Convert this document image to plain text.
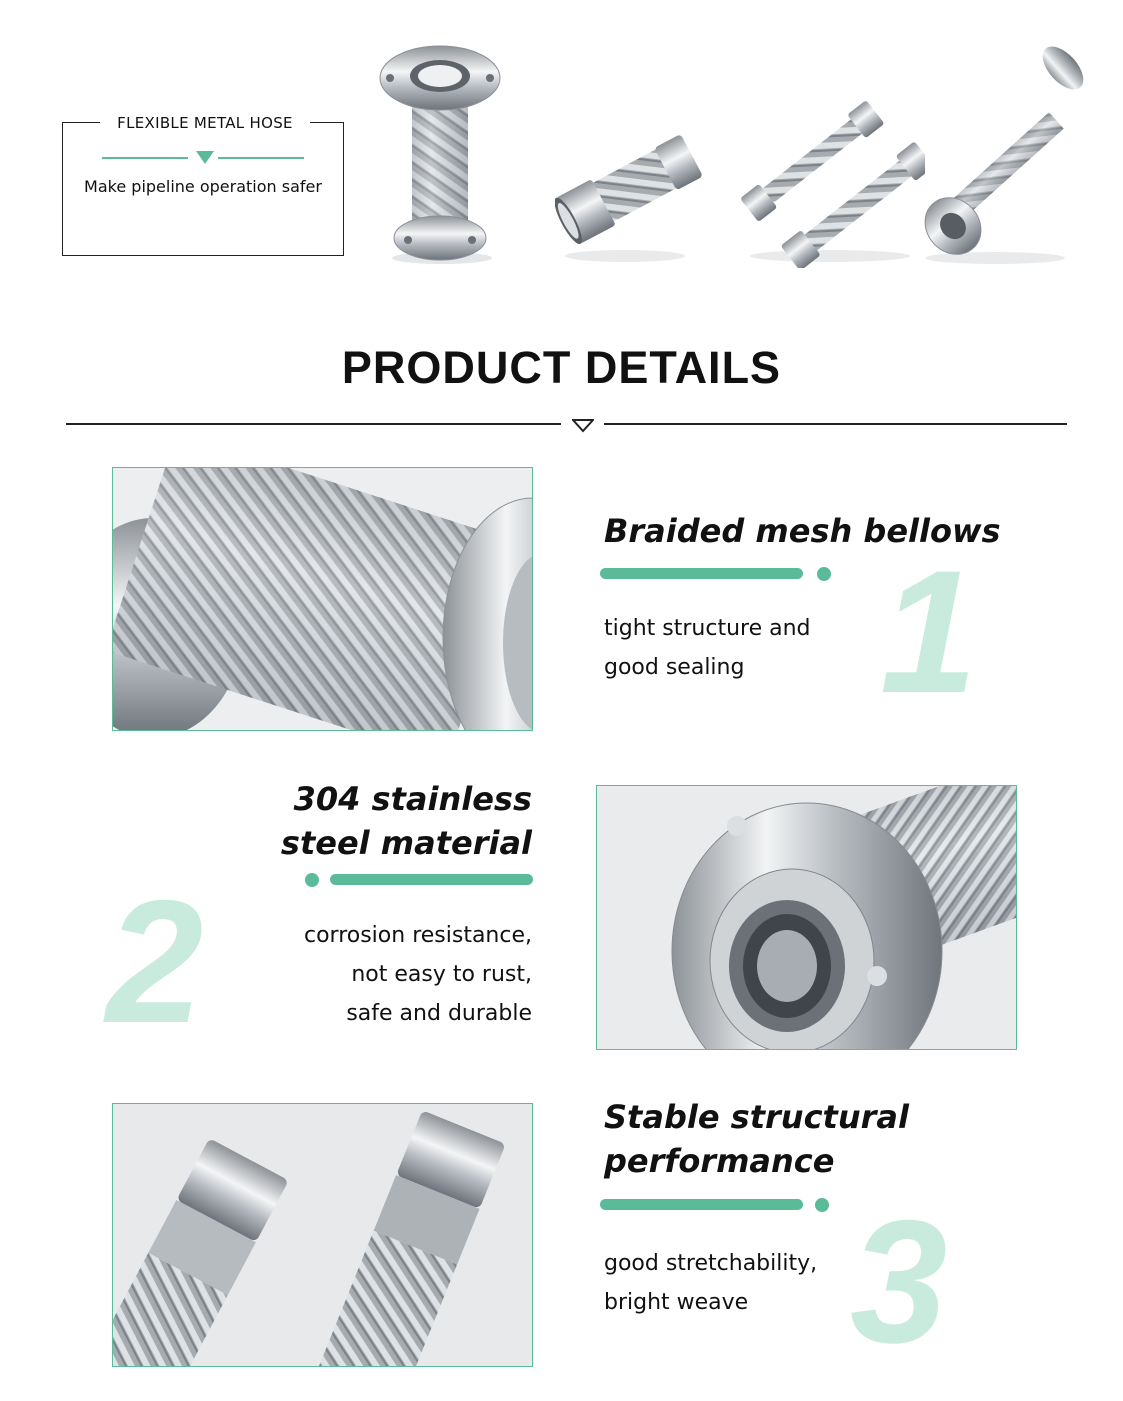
FLEXIBLE METAL HOSE
Make pipeline operation safer
PRODUCT DETAILS
Braided mesh bellows
1
tight structure and
good sealing
2
304 stainless
steel material
corrosion resistance,
not easy to rust,
safe and durable
Stable structural
performance
3
good stretchability,
bright weave
